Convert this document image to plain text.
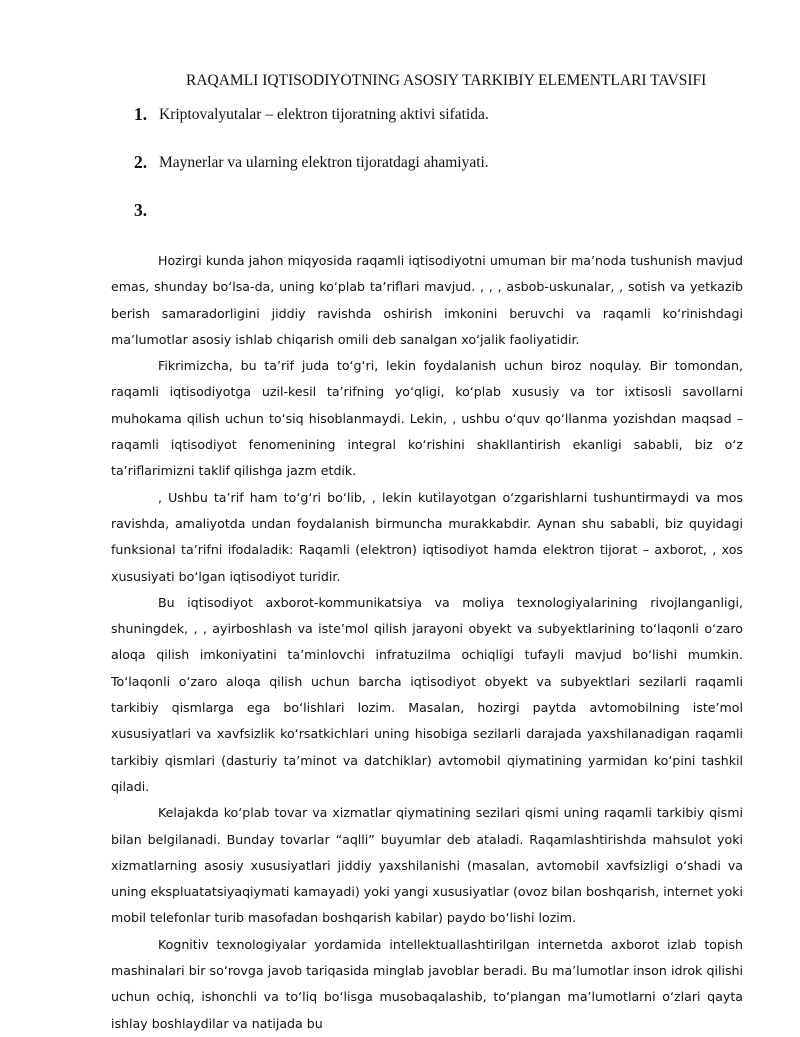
RAQAMLI IQTISODIYOTNING ASOSIY TARKIBIY ELEMENTLARI TAVSIFI
1. Kriptovalyutalar – elektron tijoratning aktivi sifatida.
2. Maynerlar va ularning elektron tijoratdagi ahamiyati.
3.

Hozirgi kunda jahon miqyosida raqamli iqtisodiyotni umuman bir ma’noda tushunish mavjud emas, shunday bo‘lsa-da, uning ko‘plab ta’riflari mavjud. , , , asbob-uskunalar, , sotish va yetkazib berish samaradorligini jiddiy ravishda oshirish imkonini beruvchi va raqamli ko‘rinishdagi ma’lumotlar asosiy ishlab chiqarish omili deb sanalgan xo‘jalik faoliyatidir.

Fikrimizcha, bu ta’rif juda to‘g‘ri, lekin foydalanish uchun biroz noqulay. Bir tomondan, raqamli iqtisodiyotga uzil-kesil ta’rifning yo‘qligi, ko‘plab xususiy va tor ixtisosli savollarni muhokama qilish uchun to‘siq hisoblanmaydi. Lekin, , ushbu o‘quv qo‘llanma yozishdan maqsad – raqamli iqtisodiyot fenomenining integral ko‘rishini shakllantirish ekanligi sababli, biz o‘z ta’riflarimizni taklif qilishga jazm etdik.

, Ushbu ta’rif ham to‘g‘ri bo‘lib, , lekin kutilayotgan o‘zgarishlarni tushuntirmaydi va mos ravishda, amaliyotda undan foydalanish birmuncha murakkabdir. Aynan shu sababli, biz quyidagi funksional ta’rifni ifodaladik: Raqamli (elektron) iqtisodiyot hamda elektron tijorat – axborot, , xos xususiyati bo‘lgan iqtisodiyot turidir.

Bu iqtisodiyot axborot-kommunikatsiya va moliya texnologiyalarining rivojlanganligi, shuningdek, , , ayirboshlash va iste’mol qilish jarayoni obyekt va subyektlarining to‘laqonli o‘zaro aloqa qilish imkoniyatini ta’minlovchi infratuzilma ochiqligi tufayli mavjud bo‘lishi mumkin. To‘laqonli o‘zaro aloqa qilish uchun barcha iqtisodiyot obyekt va subyektlari sezilarli raqamli tarkibiy qismlarga ega bo‘lishlari lozim. Masalan, hozirgi paytda avtomobilning iste’mol xususiyatlari va xavfsizlik ko‘rsatkichlari uning hisobiga sezilarli darajada yaxshilanadigan raqamli tarkibiy qismlari (dasturiy ta’minot va datchiklar) avtomobil qiymatining yarmidan ko‘pini tashkil qiladi.

Kelajakda ko‘plab tovar va xizmatlar qiymatining sezilari qismi uning raqamli tarkibiy qismi bilan belgilanadi. Bunday tovarlar “aqlli” buyumlar deb ataladi. Raqamlashtirishda mahsulot yoki xizmatlarning asosiy xususiyatlari jiddiy yaxshilanishi (masalan, avtomobil xavfsizligi o‘shadi va uning ekspluatatsiyaqiymati kamayadi) yoki yangi xususiyatlar (ovoz bilan boshqarish, internet yoki mobil telefonlar turib masofadan boshqarish kabilar) paydo bo‘lishi lozim.

Kognitiv texnologiyalar yordamida intellektuallashtirilgan internetda axborot izlab topish mashinalari bir so‘rovga javob tariqasida minglab javoblar beradi. Bu ma’lumotlar inson idrok qilishi uchun ochiq, ishonchli va to‘liq bo‘lisga musobaqalashib, to‘plangan ma’lumotlarni o‘zlari qayta ishlay boshlaydilar va natijada bu
